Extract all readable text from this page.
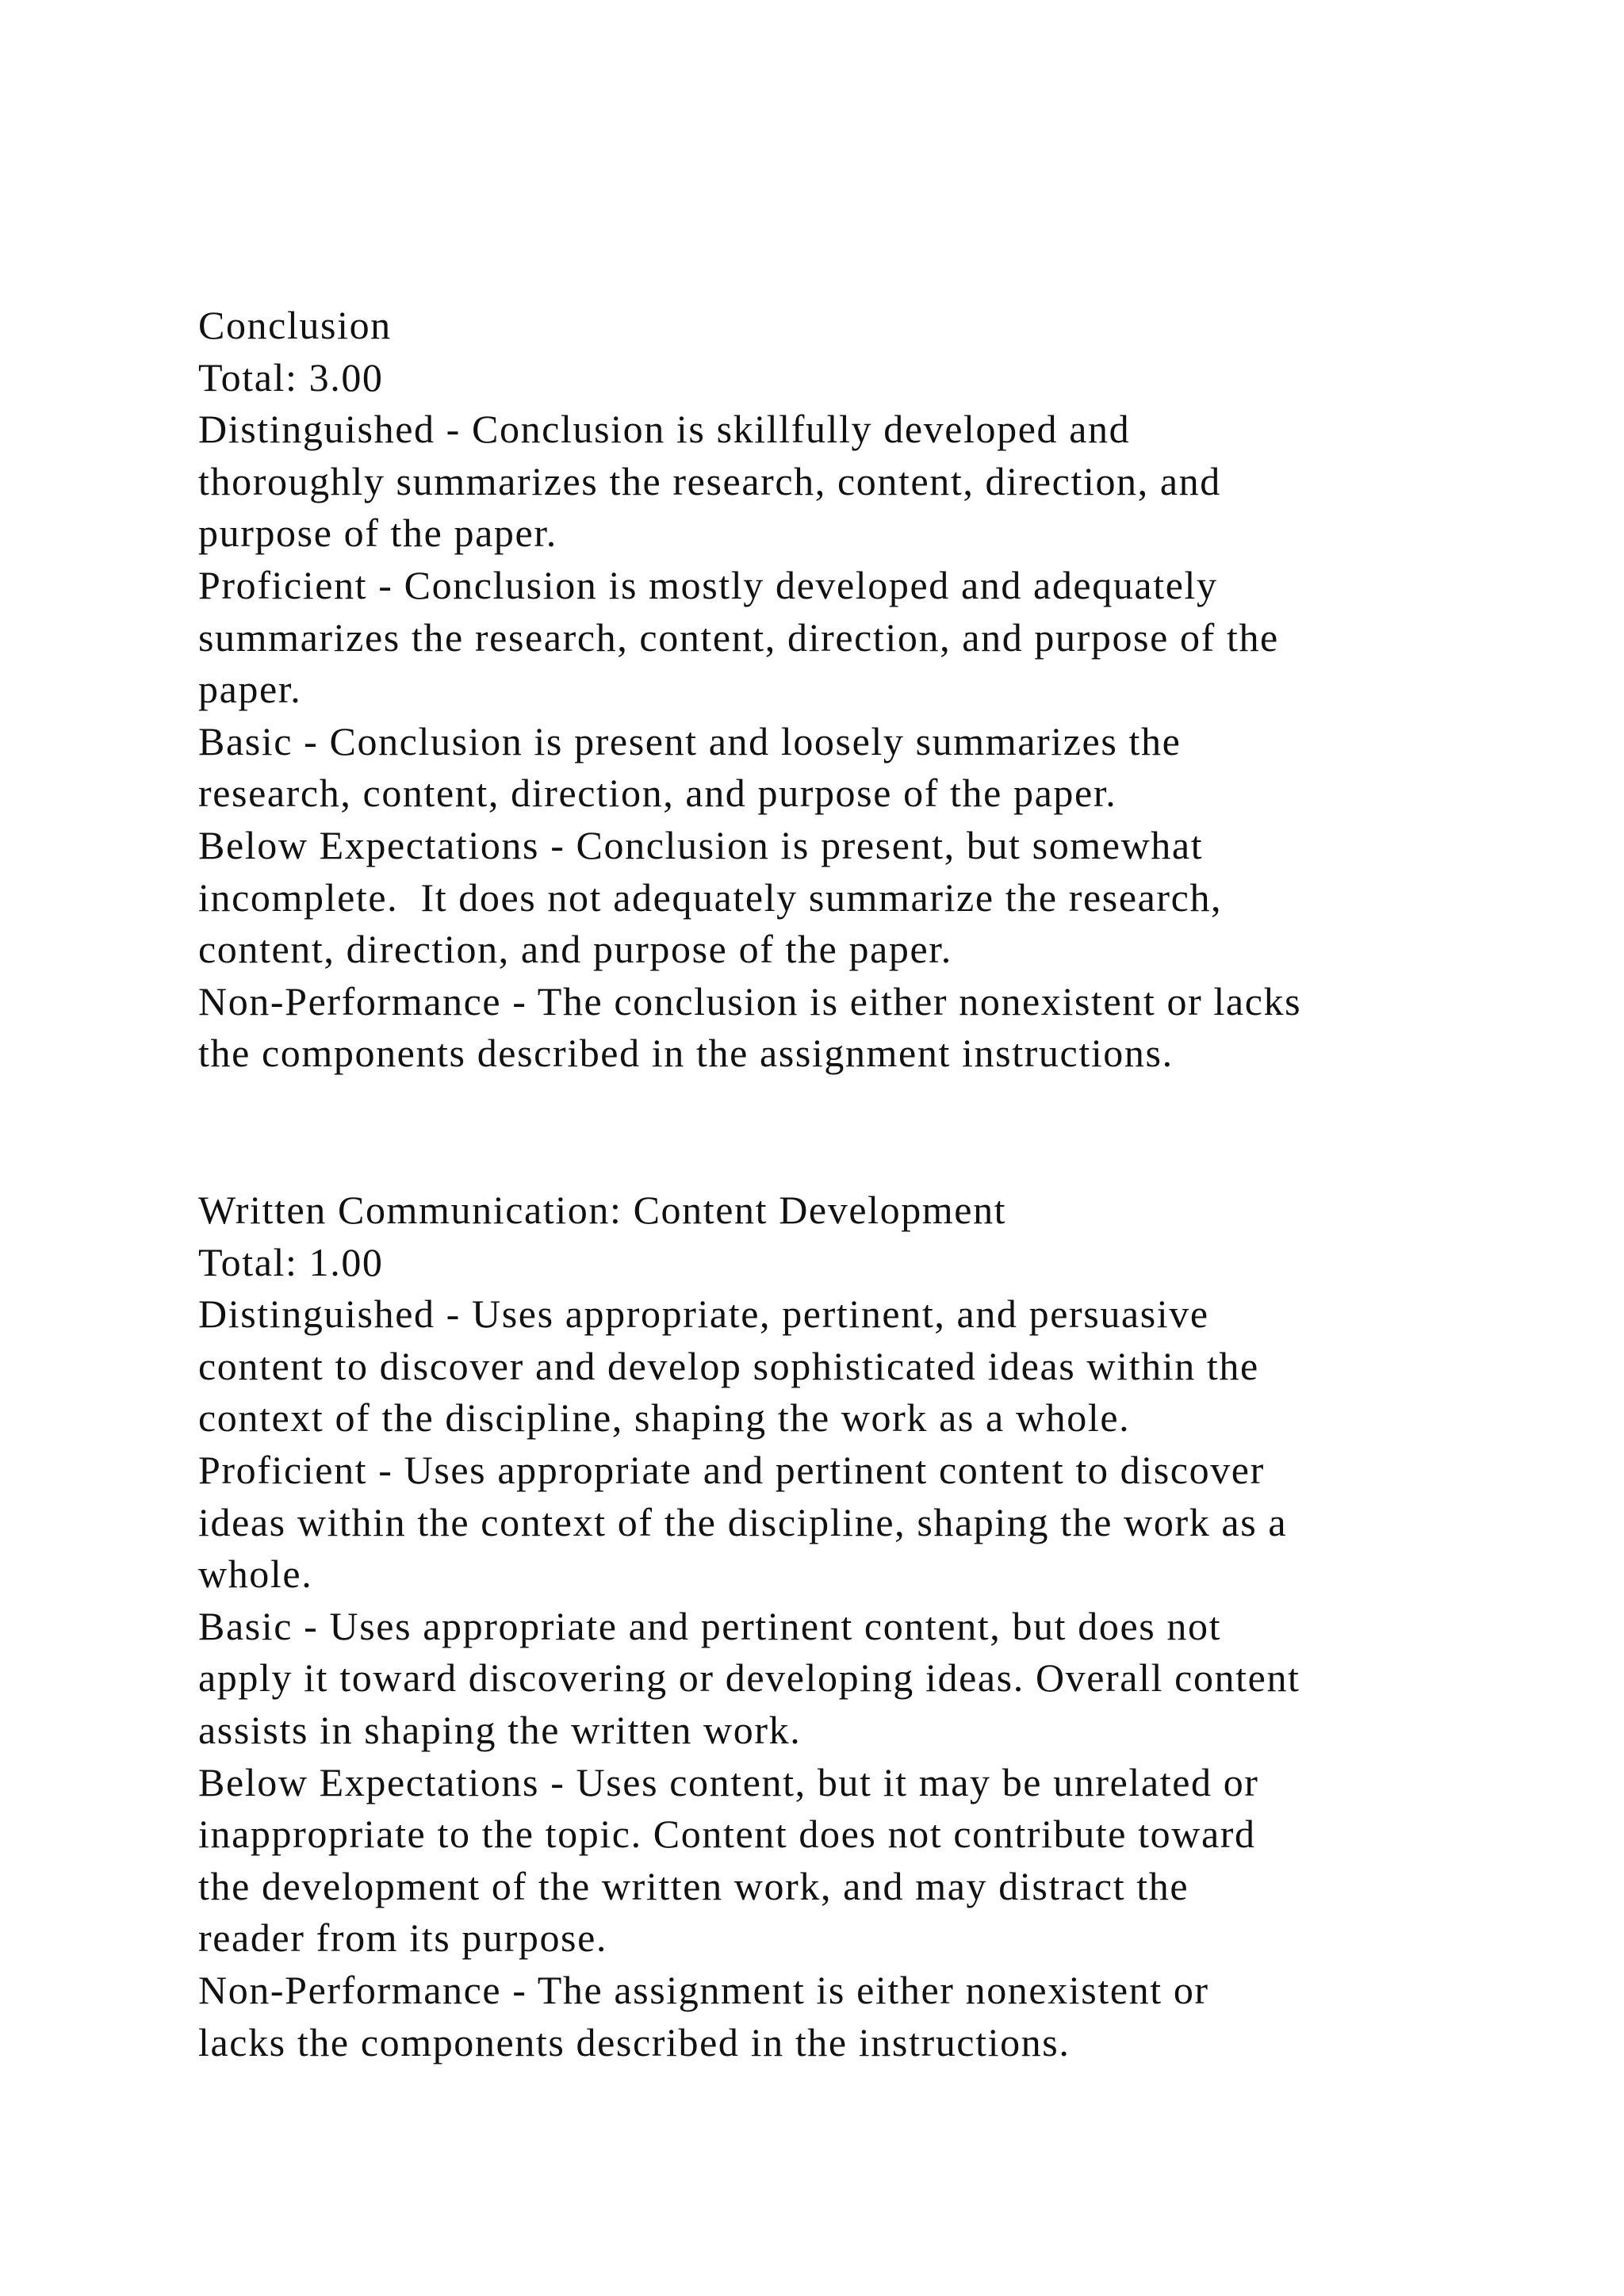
Conclusion
Total: 3.00
Distinguished - Conclusion is skillfully developed and
thoroughly summarizes the research, content, direction, and
purpose of the paper.
Proficient - Conclusion is mostly developed and adequately
summarizes the research, content, direction, and purpose of the
paper.
Basic - Conclusion is present and loosely summarizes the
research, content, direction, and purpose of the paper.
Below Expectations - Conclusion is present, but somewhat
incomplete.  It does not adequately summarize the research,
content, direction, and purpose of the paper.
Non-Performance - The conclusion is either nonexistent or lacks
the components described in the assignment instructions.
Written Communication: Content Development
Total: 1.00
Distinguished - Uses appropriate, pertinent, and persuasive
content to discover and develop sophisticated ideas within the
context of the discipline, shaping the work as a whole.
Proficient - Uses appropriate and pertinent content to discover
ideas within the context of the discipline, shaping the work as a
whole.
Basic - Uses appropriate and pertinent content, but does not
apply it toward discovering or developing ideas. Overall content
assists in shaping the written work.
Below Expectations - Uses content, but it may be unrelated or
inappropriate to the topic. Content does not contribute toward
the development of the written work, and may distract the
reader from its purpose.
Non-Performance - The assignment is either nonexistent or
lacks the components described in the instructions.
